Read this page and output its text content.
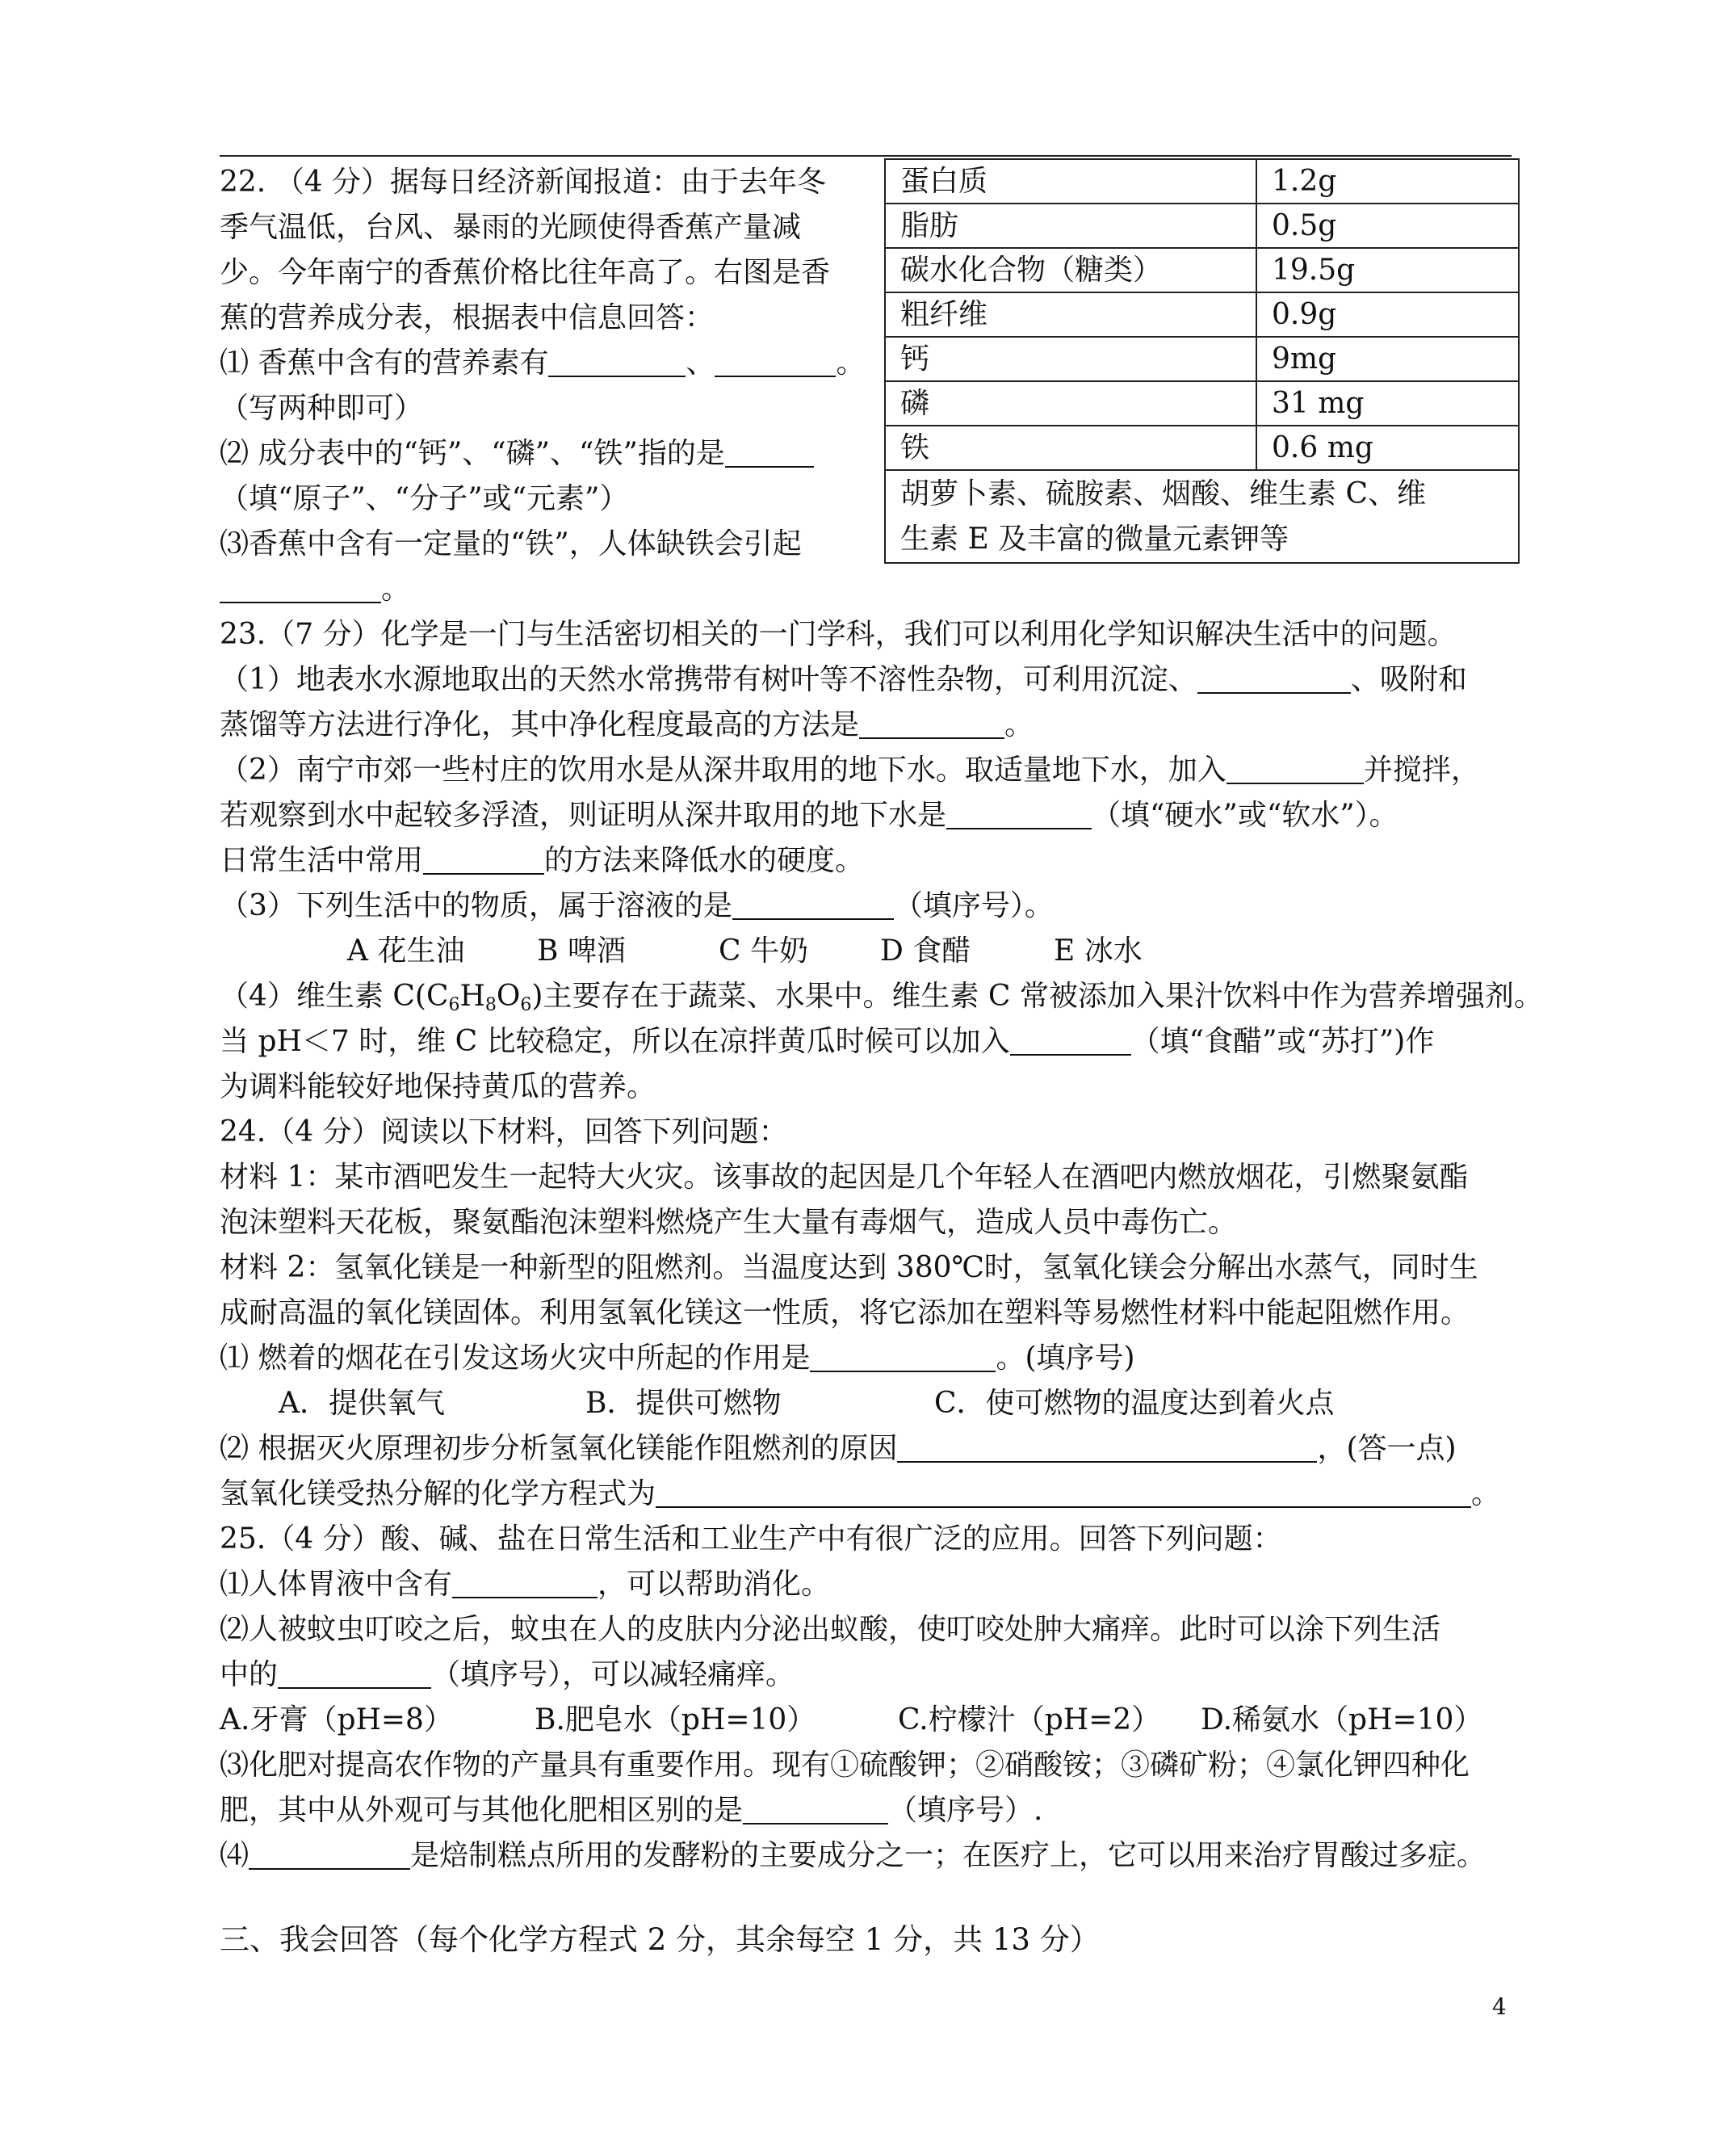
22. （4 分）据每日经济新闻报道：由于去年冬
季气温低，台风、暴雨的光顾使得香蕉产量减
少。今年南宁的香蕉价格比往年高了。右图是香
蕉的营养成分表，根据表中信息回答：
⑴ 香蕉中含有的营养素有	、	。
（写两种即可）
⑵ 成分表中的“钙”、“磷”、“铁”指的是
（填“原子”、“分子”或“元素”）
⑶香蕉中含有一定量的“铁”，人体缺铁会引起
。
蛋白质	1.2g
脂肪	0.5g
碳水化合物（糖类）	19.5g
粗纤维	0.9g
钙	9mg
磷	31 mg
铁	0.6 mg

胡萝卜素、硫胺素、烟酸、维生素 C、维
生素 E 及丰富的微量元素钾等	
23.（7 分）化学是一门与生活密切相关的一门学科，我们可以利用化学知识解决生活中的问题。
（1）地表水水源地取出的天然水常携带有树叶等不溶性杂物，可利用沉淀、	、吸附和
蒸馏等方法进行净化，其中净化程度最高的方法是	。
（2）南宁市郊一些村庄的饮用水是从深井取用的地下水。取适量地下水，加入	并搅拌，
若观察到水中起较多浮渣，则证明从深井取用的地下水是	（填“硬水”或“软水”）。
日常生活中常用	的方法来降低水的硬度。
（3）下列生活中的物质，属于溶液的是	（填序号）。
A 花生油 B 啤酒	C 牛奶 D 食醋	E 冰水
（4）维生素 $C(C_6H_8O_6)$主要存在于蔬菜、水果中。维生素 C 常被添加入果汁饮料中作为营养增强剂。
当 pH＜7 时，维 C 比较稳定，所以在凉拌黄瓜时候可以加入	（填“食醋”或“苏打”)作
为调料能较好地保持黄瓜的营养。
24.（4 分）阅读以下材料，回答下列问题：
材料 1：某市酒吧发生一起特大火灾。该事故的起因是几个年轻人在酒吧内燃放烟花，引燃聚氨酯
泡沫塑料天花板，聚氨酯泡沫塑料燃烧产生大量有毒烟气，造成人员中毒伤亡。
材料 2：氢氧化镁是一种新型的阻燃剂。当温度达到 380℃时，氢氧化镁会分解出水蒸气，同时生
成耐高温的氧化镁固体。利用氢氧化镁这一性质，将它添加在塑料等易燃性材料中能起阻燃作用。
⑴ 燃着的烟花在引发这场火灾中所起的作用是	。(填序号)
A．提供氧气	B．提供可燃物	C．使可燃物的温度达到着火点
⑵ 根据灭火原理初步分析氢氧化镁能作阻燃剂的原因	，(答一点)
氢氧化镁受热分解的化学方程式为	。
25.（4 分）酸、碱、盐在日常生活和工业生产中有很广泛的应用。回答下列问题：
⑴人体胃液中含有	，可以帮助消化。
⑵人被蚊虫叮咬之后，蚊虫在人的皮肤内分泌出蚁酸，使叮咬处肿大痛痒。此时可以涂下列生活
中的	（填序号），可以减轻痛痒。
A.牙膏（pH=8）	B.肥皂水（pH=10）	C.柠檬汁（pH=2） D.稀氨水（pH=10）
⑶化肥对提高农作物的产量具有重要作用。现有①硫酸钾；②硝酸铵；③磷矿粉；④氯化钾四种化
肥，其中从外观可与其他化肥相区别的是	（填序号）.
⑷	是焙制糕点所用的发酵粉的主要成分之一；在医疗上，它可以用来治疗胃酸过多症。
三、我会回答（每个化学方程式 2 分，其余每空 1 分，共 13 分）
4
